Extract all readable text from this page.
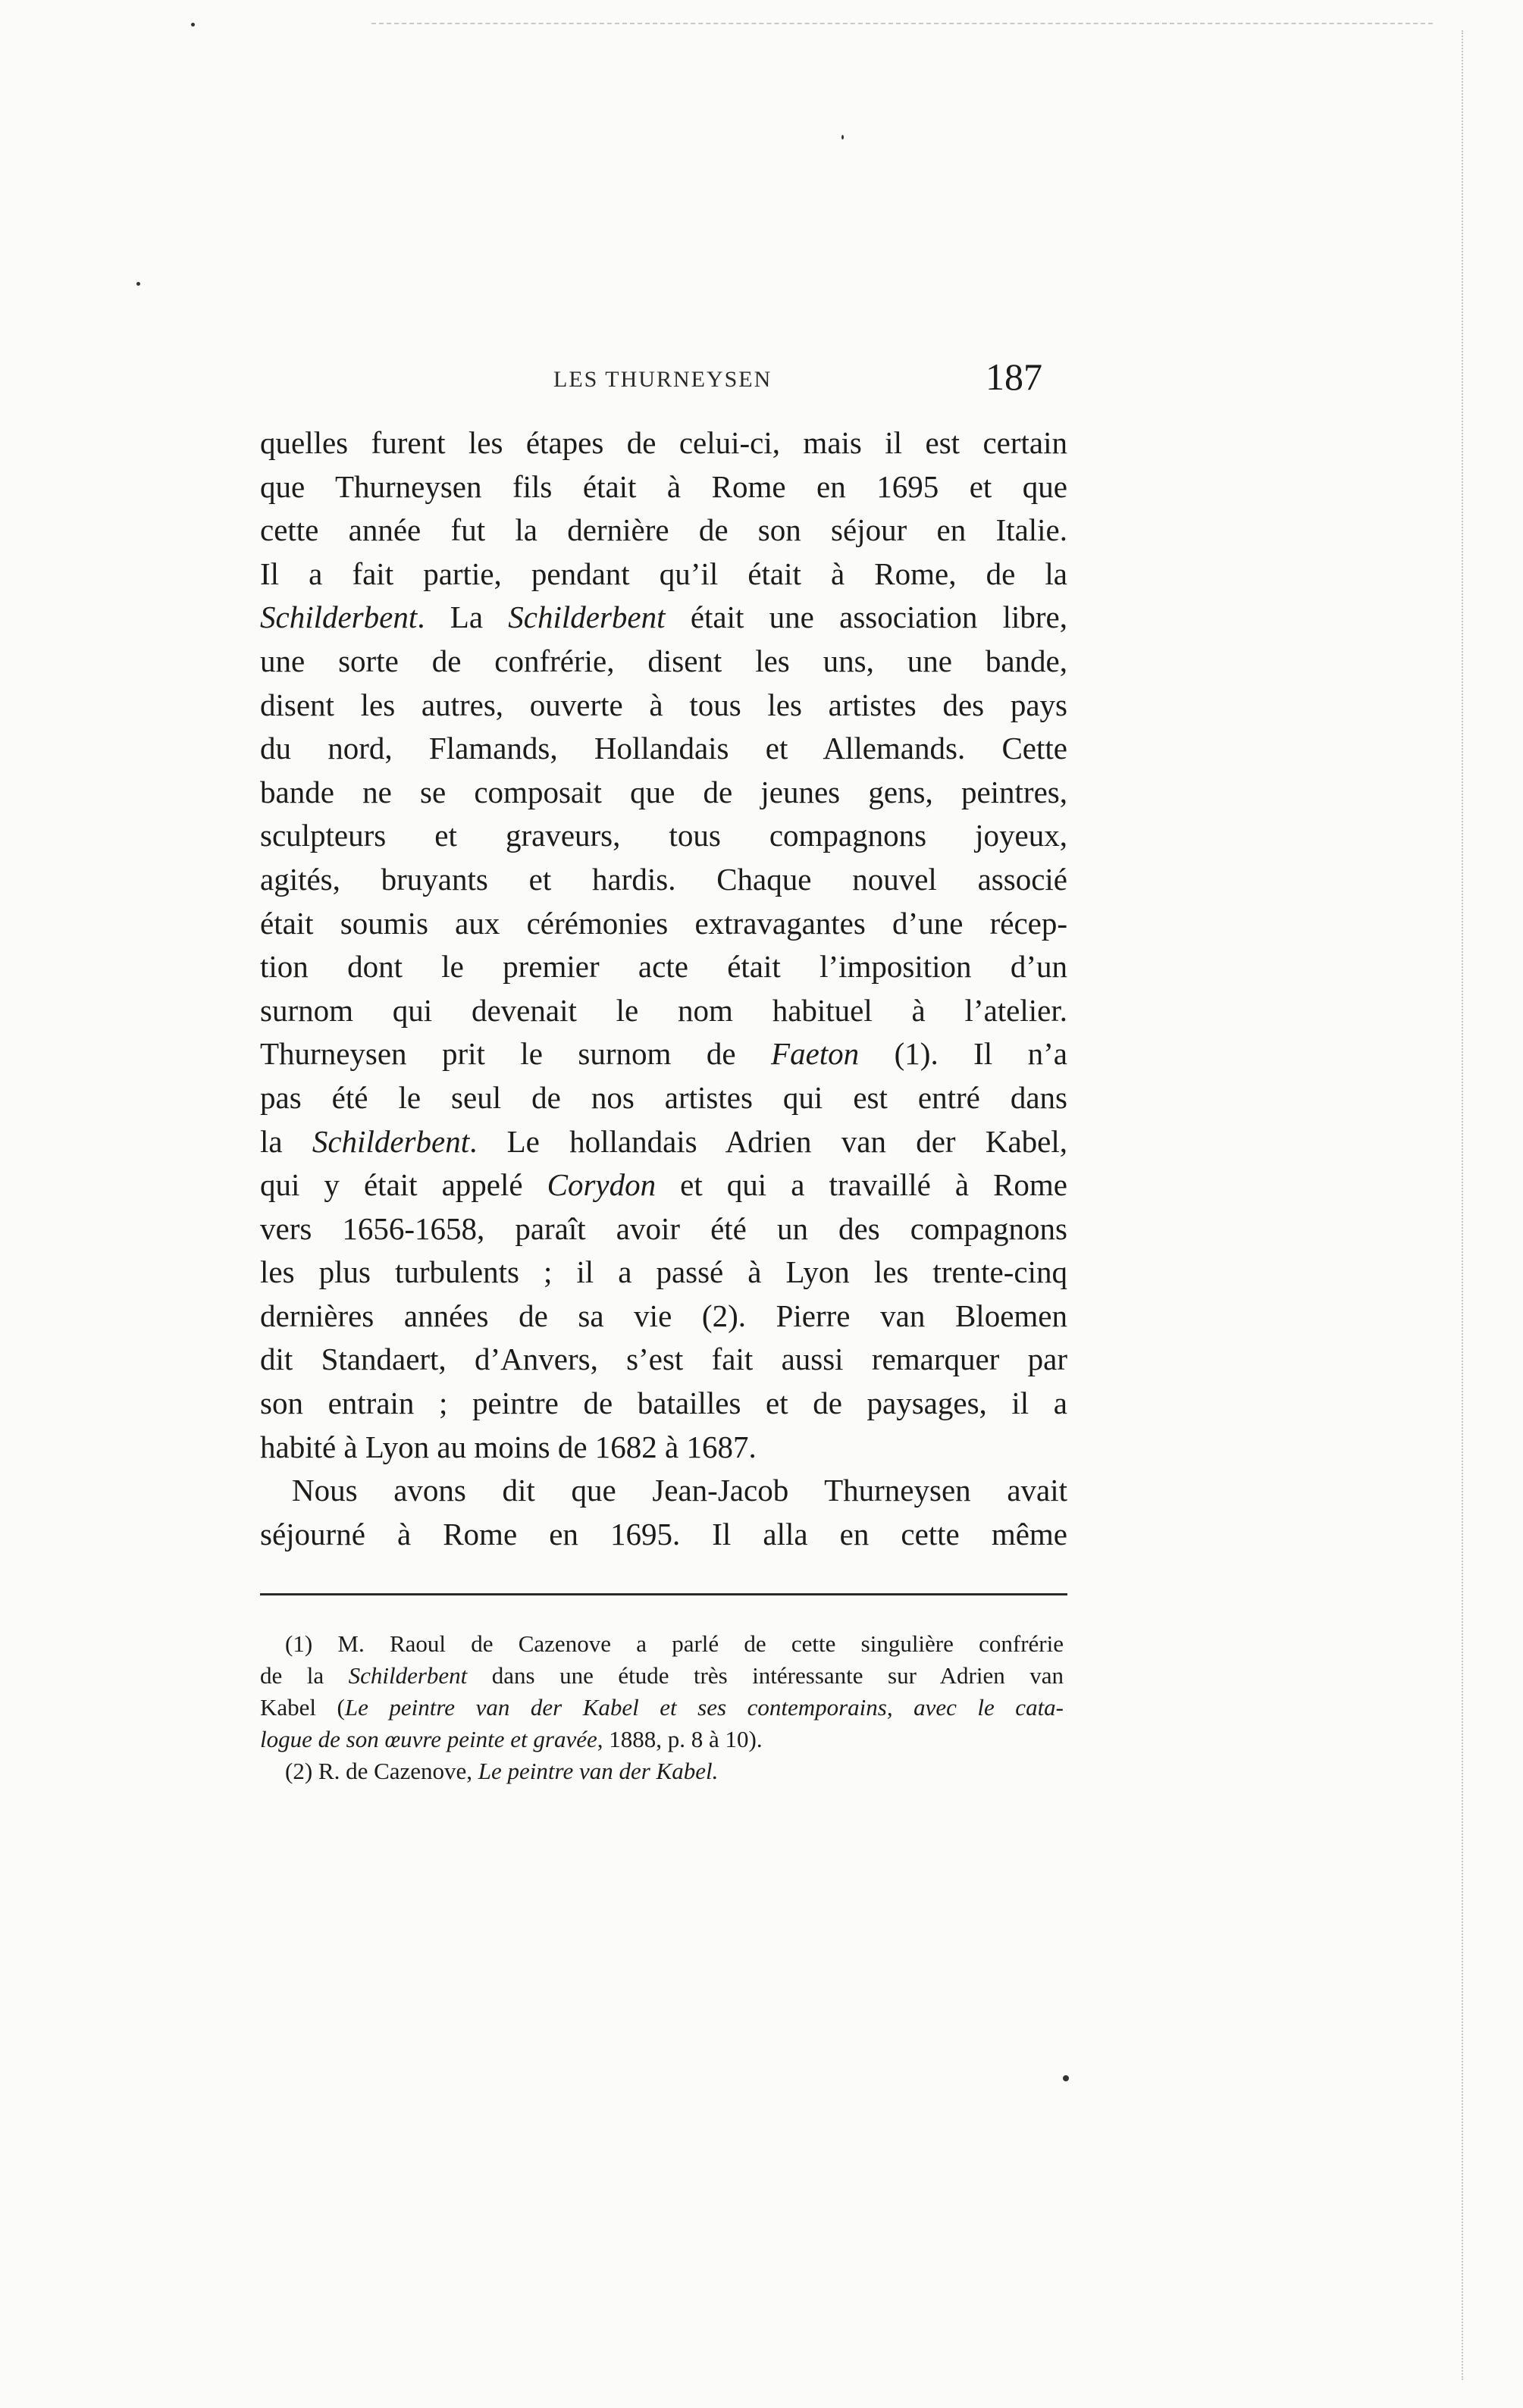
LES THURNEYSEN	187
quelles furent les étapes de celui-ci, mais il est certain
que Thurneysen fils était à Rome en 1695 et que
cette année fut la dernière de son séjour en Italie.
Il a fait partie, pendant qu’il était à Rome, de la
Schilderbent. La Schilderbent était une association libre,
une sorte de confrérie, disent les uns, une bande,
disent les autres, ouverte à tous les artistes des pays
du nord, Flamands, Hollandais et Allemands. Cette
bande ne se composait que de jeunes gens, peintres,
sculpteurs et graveurs, tous compagnons joyeux,
agités, bruyants et hardis. Chaque nouvel associé
était soumis aux cérémonies extravagantes d’une récep-
tion dont le premier acte était l’imposition d’un
surnom qui devenait le nom habituel à l’atelier.
Thurneysen prit le surnom de Faeton (1). Il n’a
pas été le seul de nos artistes qui est entré dans
la Schilderbent. Le hollandais Adrien van der Kabel,
qui y était appelé Corydon et qui a travaillé à Rome
vers 1656-1658, paraît avoir été un des compagnons
les plus turbulents ; il a passé à Lyon les trente-cinq
dernières années de sa vie (2). Pierre van Bloemen
dit Standaert, d’Anvers, s’est fait aussi remarquer par
son entrain ; peintre de batailles et de paysages, il a
habité à Lyon au moins de 1682 à 1687.
Nous avons dit que Jean-Jacob Thurneysen avait
séjourné à Rome en 1695. Il alla en cette même
(1) M. Raoul de Cazenove a parlé de cette singulière confrérie
de la Schilderbent dans une étude très intéressante sur Adrien van
Kabel (Le peintre van der Kabel et ses contemporains, avec le cata-
logue de son œuvre peinte et gravée, 1888, p. 8 à 10).
(2) R. de Cazenove, Le peintre van der Kabel.
